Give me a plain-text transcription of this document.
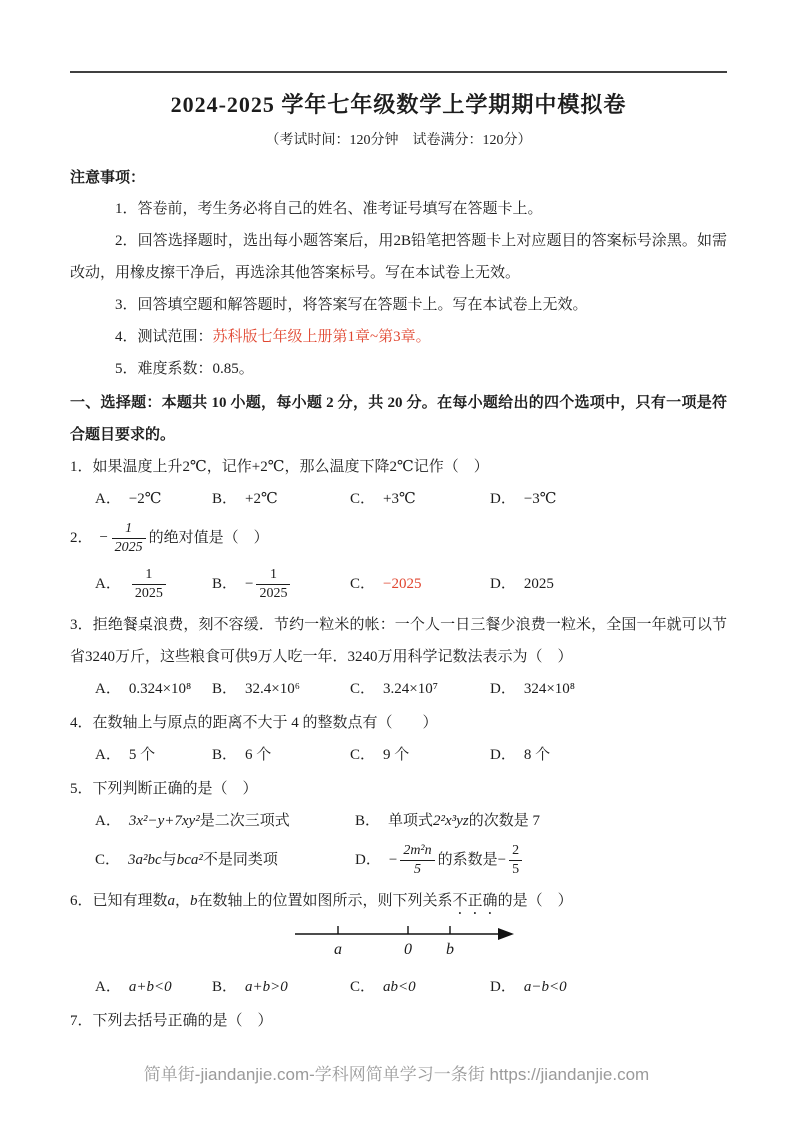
2024-2025 学年七年级数学上学期期中模拟卷
（考试时间：120分钟　试卷满分：120分）
注意事项：

1．答卷前，考生务必将自己的姓名、准考证号填写在答题卡上。

2．回答选择题时，选出每小题答案后，用2B铅笔把答题卡上对应题目的答案标号涂黑。如需改动，用橡皮擦干净后，再选涂其他答案标号。写在本试卷上无效。

3．回答填空题和解答题时，将答案写在答题卡上。写在本试卷上无效。

4．测试范围：苏科版七年级上册第1章~第3章。

5．难度系数：0.85。

一、选择题：本题共 10 小题，每小题 2 分，共 20 分。在每小题给出的四个选项中，只有一项是符合题目要求的。

1．如果温度上升2℃，记作+2℃，那么温度下降2℃记作（　）

A． −2℃	B． +2℃	C． +3℃	D． −3℃
2． − $\frac{1}{2025}$ 的绝对值是（　）
A． $\frac{1}{2025}$	B． − $\frac{1}{2025}$	C． −2025	D． 2025

3．拒绝餐桌浪费，刻不容缓．节约一粒米的帐：一个人一日三餐少浪费一粒米，全国一年就可以节省3240万斤，这些粮食可供9万人吃一年．3240万用科学记数法表示为（　）

A． 0.324×10⁸ B． 32.4×10⁶	C． 3.24×10⁷	D． 324×10⁸

4．在数轴上与原点的距离不大于 4 的整数点有（　　）

A． 5 个	B． 6 个	C． 9 个	D． 8 个

5．下列判断正确的是（　）

A． 3x²−y+7xy² 是二次三项式	B． 单项式 2²x³yz 的次数是 7
C． 3a²bc 与 bca² 不是同类项	D． − $\frac{\text{2m²n}}{5}$ 的系数是 − $\frac{2}{5}$

6．已知有理数a，b在数轴上的位置如图所示，则下列关系不正确的是（　）

a	0 b
A． a+b<0	B． a+b>0	C． ab<0	D． a−b<0

7．下列去括号正确的是（　）

简单街-jiandanjie.com-学科网简单学习一条街 https://jiandanjie.com
